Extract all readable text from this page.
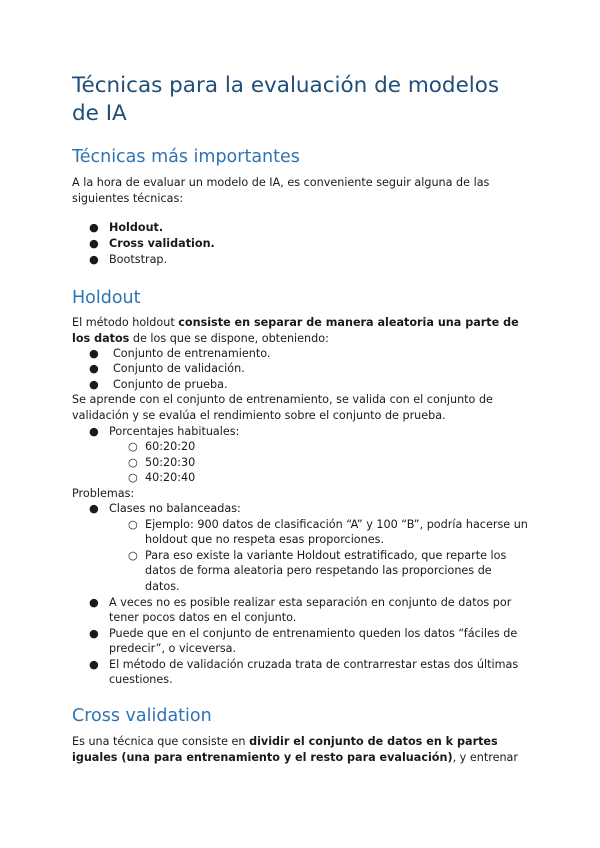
Técnicas para la evaluación de modelos de IA
Técnicas más importantes

A la hora de evaluar un modelo de IA, es conveniente seguir alguna de las

siguientes técnicas:

● Holdout.
● Cross validation.
● Bootstrap.
Holdout

El método holdout consiste en separar de manera aleatoria una parte de

los datos de los que se dispone, obteniendo:

● Conjunto de entrenamiento.
● Conjunto de validación.
● Conjunto de prueba.

Se aprende con el conjunto de entrenamiento, se valida con el conjunto de

validación y se evalúa el rendimiento sobre el conjunto de prueba.

● Porcentajes habituales:
○ 60:20:20
○ 50:20:30
○ 40:20:40

Problemas:

● Clases no balanceadas:
○ Ejemplo: 900 datos de clasificación “A” y 100 “B”, podría hacerse un
holdout que no respeta esas proporciones.
○ Para eso existe la variante Holdout estratificado, que reparte los
datos de forma aleatoria pero respetando las proporciones de
datos.
● A veces no es posible realizar esta separación en conjunto de datos por
tener pocos datos en el conjunto.
● Puede que en el conjunto de entrenamiento queden los datos “fáciles de
predecir”, o viceversa.
● El método de validación cruzada trata de contrarrestar estas dos últimas
cuestiones.
Cross validation

Es una técnica que consiste en dividir el conjunto de datos en k partes

iguales (una para entrenamiento y el resto para evaluación), y entrenar
